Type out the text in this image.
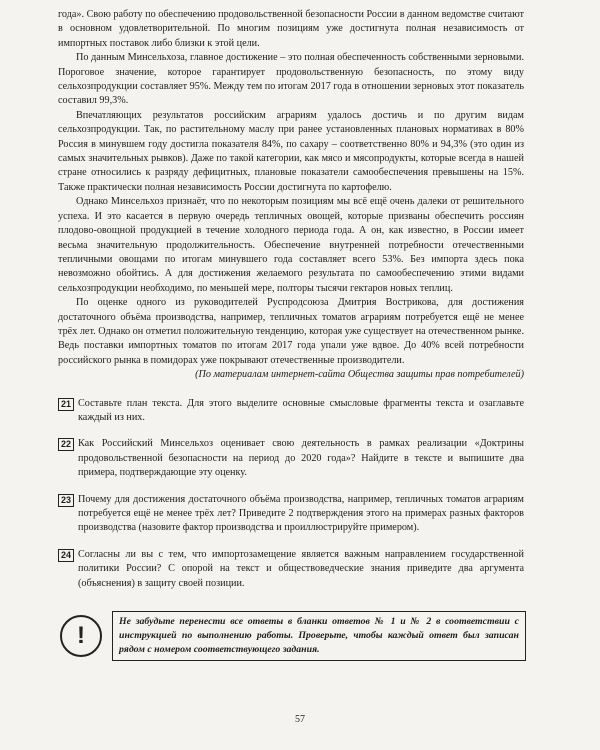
года». Свою работу по обеспечению продовольственной безопасности России в данном ведомстве считают в основном удовлетворительной. По многим позициям уже достигнута полная независимость от импортных поставок либо близки к этой цели.

По данным Минсельхоза, главное достижение – это полная обеспеченность собственными зерновыми. Пороговое значение, которое гарантирует продовольственную безопасность, по этому виду сельхозпродукции составляет 95%. Между тем по итогам 2017 года в отношении зерновых этот показатель составил 99,3%.

Впечатляющих результатов российским аграриям удалось достичь и по другим видам сельхозпродукции. Так, по растительному маслу при ранее установленных плановых нормативах в 80% Россия в минувшем году достигла показателя 84%, по сахару – соответственно 80% и 94,3% (это один из самых значительных рывков). Даже по такой категории, как мясо и мясопродукты, которые всегда в нашей стране относились к разряду дефицитных, плановые показатели самообеспечения превышены на 15%. Также практически полная независимость России достигнута по картофелю.

Однако Минсельхоз признаёт, что по некоторым позициям мы всё ещё очень далеки от решительного успеха. И это касается в первую очередь тепличных овощей, которые призваны обеспечить россиян плодово-овощной продукцией в течение холодного периода года. А он, как известно, в России имеет весьма значительную продолжительность. Обеспечение внутренней потребности отечественными тепличными овощами по итогам минувшего года составляет всего 53%. Без импорта здесь пока невозможно обойтись. А для достижения желаемого результата по самообеспечению этими видами сельхозпродукции необходимо, по меньшей мере, полторы тысячи гектаров новых теплиц.

По оценке одного из руководителей Руспродсоюза Дмитрия Вострикова, для достижения достаточного объёма производства, например, тепличных томатов аграриям потребуется ещё не менее трёх лет. Однако он отметил положительную тенденцию, которая уже существует на отечественном рынке. Ведь поставки импортных томатов по итогам 2017 года упали уже вдвое. До 40% всей потребности российского рынка в помидорах уже покрывают отечественные производители.

(По материалам интернет-сайта Общества защиты прав потребителей)

21 Составьте план текста. Для этого выделите основные смысловые фрагменты текста и озаглавьте каждый из них.

22 Как Российский Минсельхоз оценивает свою деятельность в рамках реализации «Доктрины продовольственной безопасности на период до 2020 года»? Найдите в тексте и выпишите два примера, подтверждающие эту оценку.

23 Почему для достижения достаточного объёма производства, например, тепличных томатов аграриям потребуется ещё не менее трёх лет? Приведите 2 подтверждения этого на примерах разных факторов производства (назовите фактор производства и проиллюстрируйте примером).

24 Согласны ли вы с тем, что импортозамещение является важным направлением государственной политики России? С опорой на текст и обществоведческие знания приведите два аргумента (объяснения) в защиту своей позиции.

!
Не забудьте перенести все ответы в бланки ответов № 1 и № 2 в соответствии с инструкцией по выполнению работы. Проверьте, чтобы каждый ответ был записан рядом с номером соответствующего задания.
57
